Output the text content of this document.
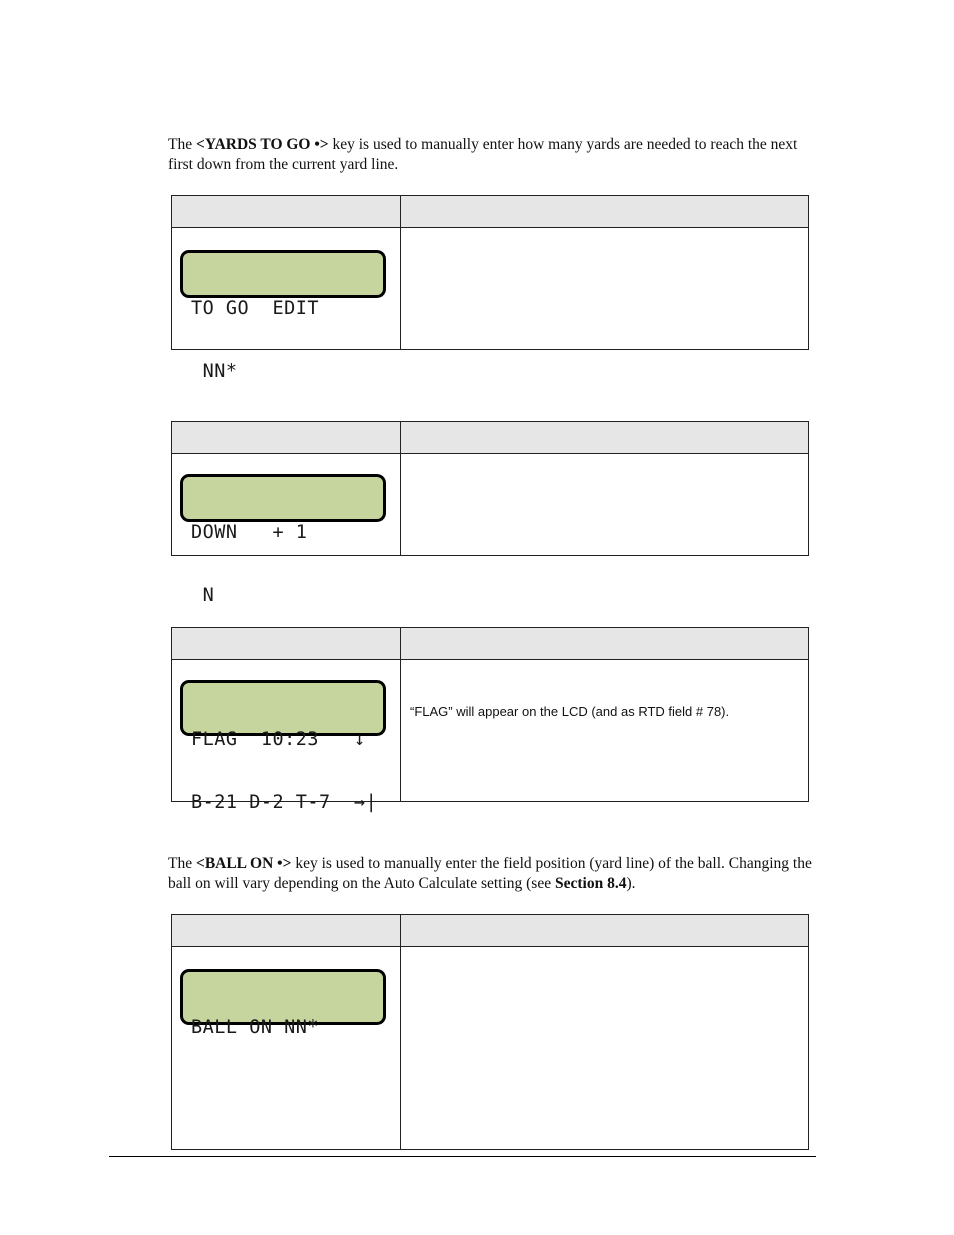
The <YARDS TO GO •> key is used to manually enter how many yards are needed to reach the next first down from the current yard line.

TO GO  EDIT

NN*	

DOWN   + 1

N	

FLAG  10:23   ↓

B-21 D-2 T-7  →|	“FLAG” will appear on the LCD (and as RTD field # 78).

The <BALL ON •> key is used to manually enter the field position (yard line) of the ball. Changing the ball on will vary depending on the Auto Calculate setting (see Section 8.4).

BALL ON NN*	
